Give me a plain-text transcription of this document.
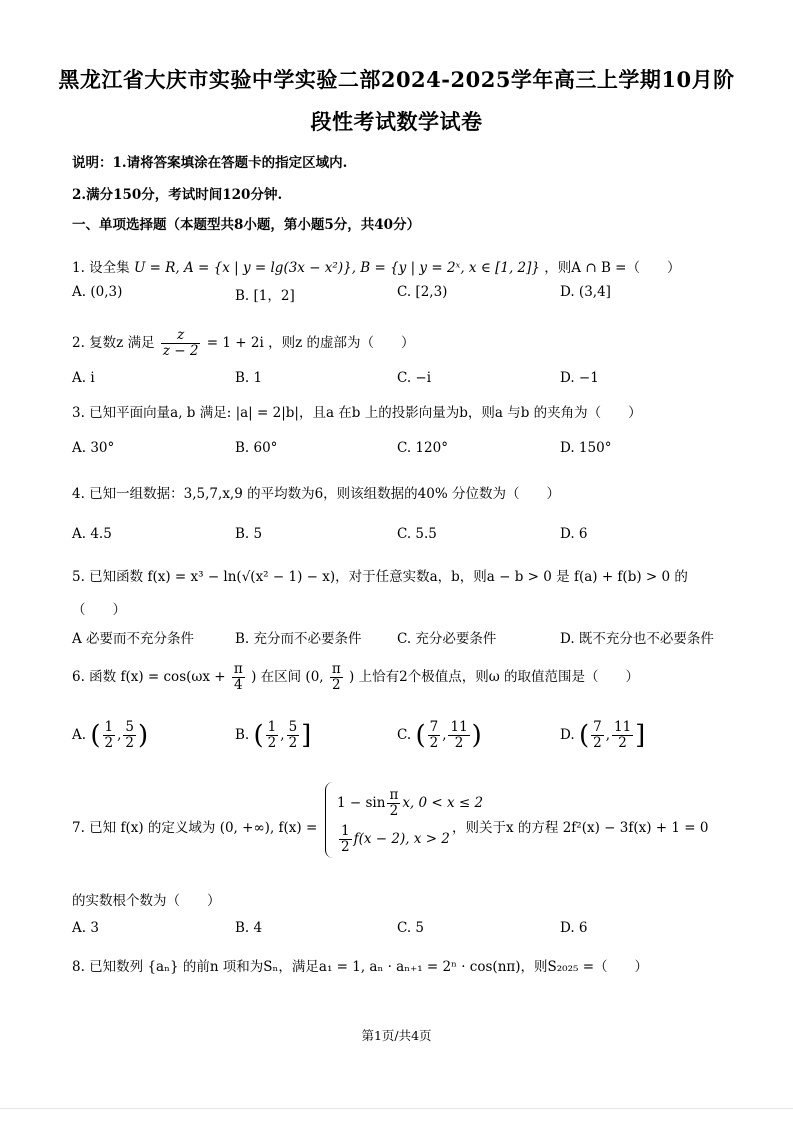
黑龙江省大庆市实验中学实验二部2024-2025学年高三上学期10月阶
段性考试数学试卷
说明：1.请将答案填涂在答题卡的指定区域内.
2.满分150分，考试时间120分钟.
一、单项选择题（本题型共8小题，第小题5分，共40分）
1. 设全集 U = R, A = {x | y = lg(3x − x²)}, B = {y | y = 2ˣ, x ∈ [1, 2]} ，则A ∩ B =（　　）
A. (0,3)	B. [1，2]	C. [2,3)	D. (3,4]
2. 复数z 满足 $\frac{z}{z - 2} = 1 + 2i$ ，则z 的虚部为（　　）
A. i	B. 1	C. −i	D. −1
3. 已知平面向量a, b 满足: |a| = 2|b|，且a 在b 上的投影向量为b，则a 与b 的夹角为（　　）
A. 30°	B. 60°	C. 120°	D. 150°
4. 已知一组数据：3,5,7,x,9 的平均数为6，则该组数据的40% 分位数为（　　）
A. 4.5	B. 5	C. 5.5	D. 6
5. 已知函数 f(x) = x³ − ln(√(x² − 1) − x)，对于任意实数a，b，则a − b > 0 是 f(a) + f(b) > 0 的
（　　）
A 必要而不充分条件	B. 充分而不必要条件	C. 充分必要条件	D. 既不充分也不必要条件
6. 函数 $f(x) = \cos(\omega x + \frac{\pi}{4}$ ) 在区间 (0, $\frac{\pi}{2}$ ) 上恰有2个极值点，则ω 的取值范围是（　　）
A. ( $\frac{1}{2}$ , $\frac{5}{2}$ )	B. ( $\frac{1}{2}$ , $\frac{5}{2}$ ]	C. ( $\frac{7}{2}$ , $\frac{11}{2}$ )	D. ( $\frac{7}{2}$ , $\frac{11}{2}$ ]
7. 已知 f(x) 的定义域为 (0, +∞), f(x) =
$1 - \sin \frac{\pi}{2} x$, 0 < x ≤ 2
$\frac{1}{2} f(x - 2)$, x > 2
，则关于x 的方程 2f²(x) − 3f(x) + 1 = 0
的实数根个数为（　　）
A. 3	B. 4	C. 5	D. 6
8. 已知数列 {aₙ} 的前n 项和为Sₙ，满足a₁ = 1, aₙ · aₙ₊₁ = 2ⁿ · cos(nπ)，则S₂₀₂₅ =（　　）
第1页/共4页
